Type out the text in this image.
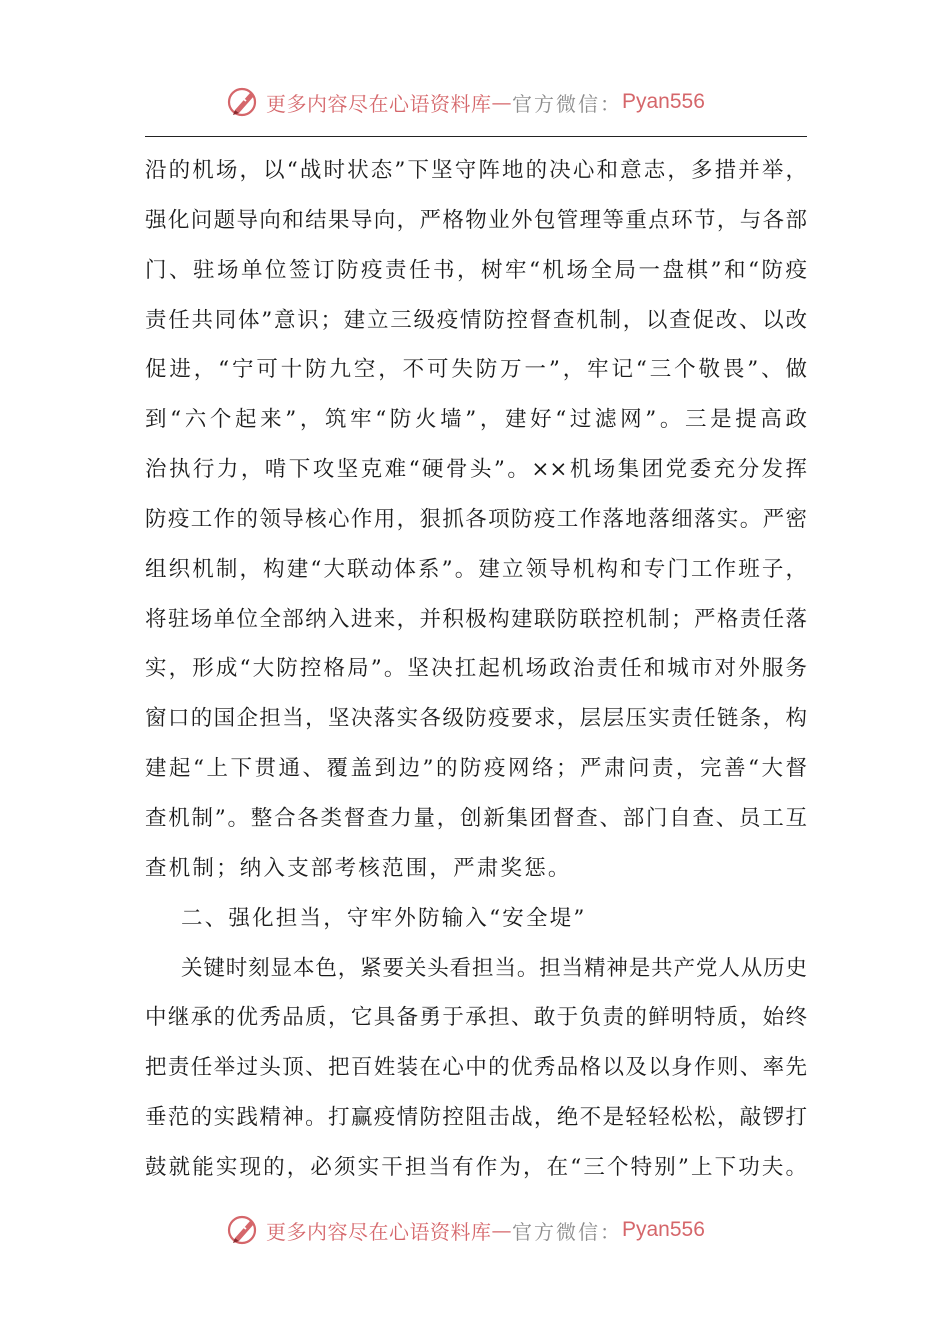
更多内容尽在心语资料库 — 官方微信： Pyan556
沿的机场，以“战时状态”下坚守阵地的决心和意志，多措并举，
强化问题导向和结果导向，严格物业外包管理等重点环节，与各部
门、驻场单位签订防疫责任书，树牢“机场全局一盘棋”和“防疫
责任共同体”意识；建立三级疫情防控督查机制，以查促改、以改
促进，“宁可十防九空，不可失防万一”，牢记“三个敬畏”、做
到“六个起来”，筑牢“防火墙”，建好“过滤网”。三是提高政
治执行力，啃下攻坚克难“硬骨头”。××机场集团党委充分发挥
防疫工作的领导核心作用，狠抓各项防疫工作落地落细落实。严密
组织机制，构建“大联动体系”。建立领导机构和专门工作班子，
将驻场单位全部纳入进来，并积极构建联防联控机制；严格责任落
实，形成“大防控格局”。坚决扛起机场政治责任和城市对外服务
窗口的国企担当，坚决落实各级防疫要求，层层压实责任链条，构
建起“上下贯通、覆盖到边”的防疫网络；严肃问责，完善“大督
查机制”。整合各类督查力量，创新集团督查、部门自查、员工互
查机制；纳入支部考核范围，严肃奖惩。
二、强化担当，守牢外防输入“安全堤”
关键时刻显本色，紧要关头看担当。担当精神是共产党人从历史
中继承的优秀品质，它具备勇于承担、敢于负责的鲜明特质，始终
把责任举过头顶、把百姓装在心中的优秀品格以及以身作则、率先
垂范的实践精神。打赢疫情防控阻击战，绝不是轻轻松松，敲锣打
鼓就能实现的，必须实干担当有作为，在“三个特别”上下功夫。
更多内容尽在心语资料库 — 官方微信： Pyan556
